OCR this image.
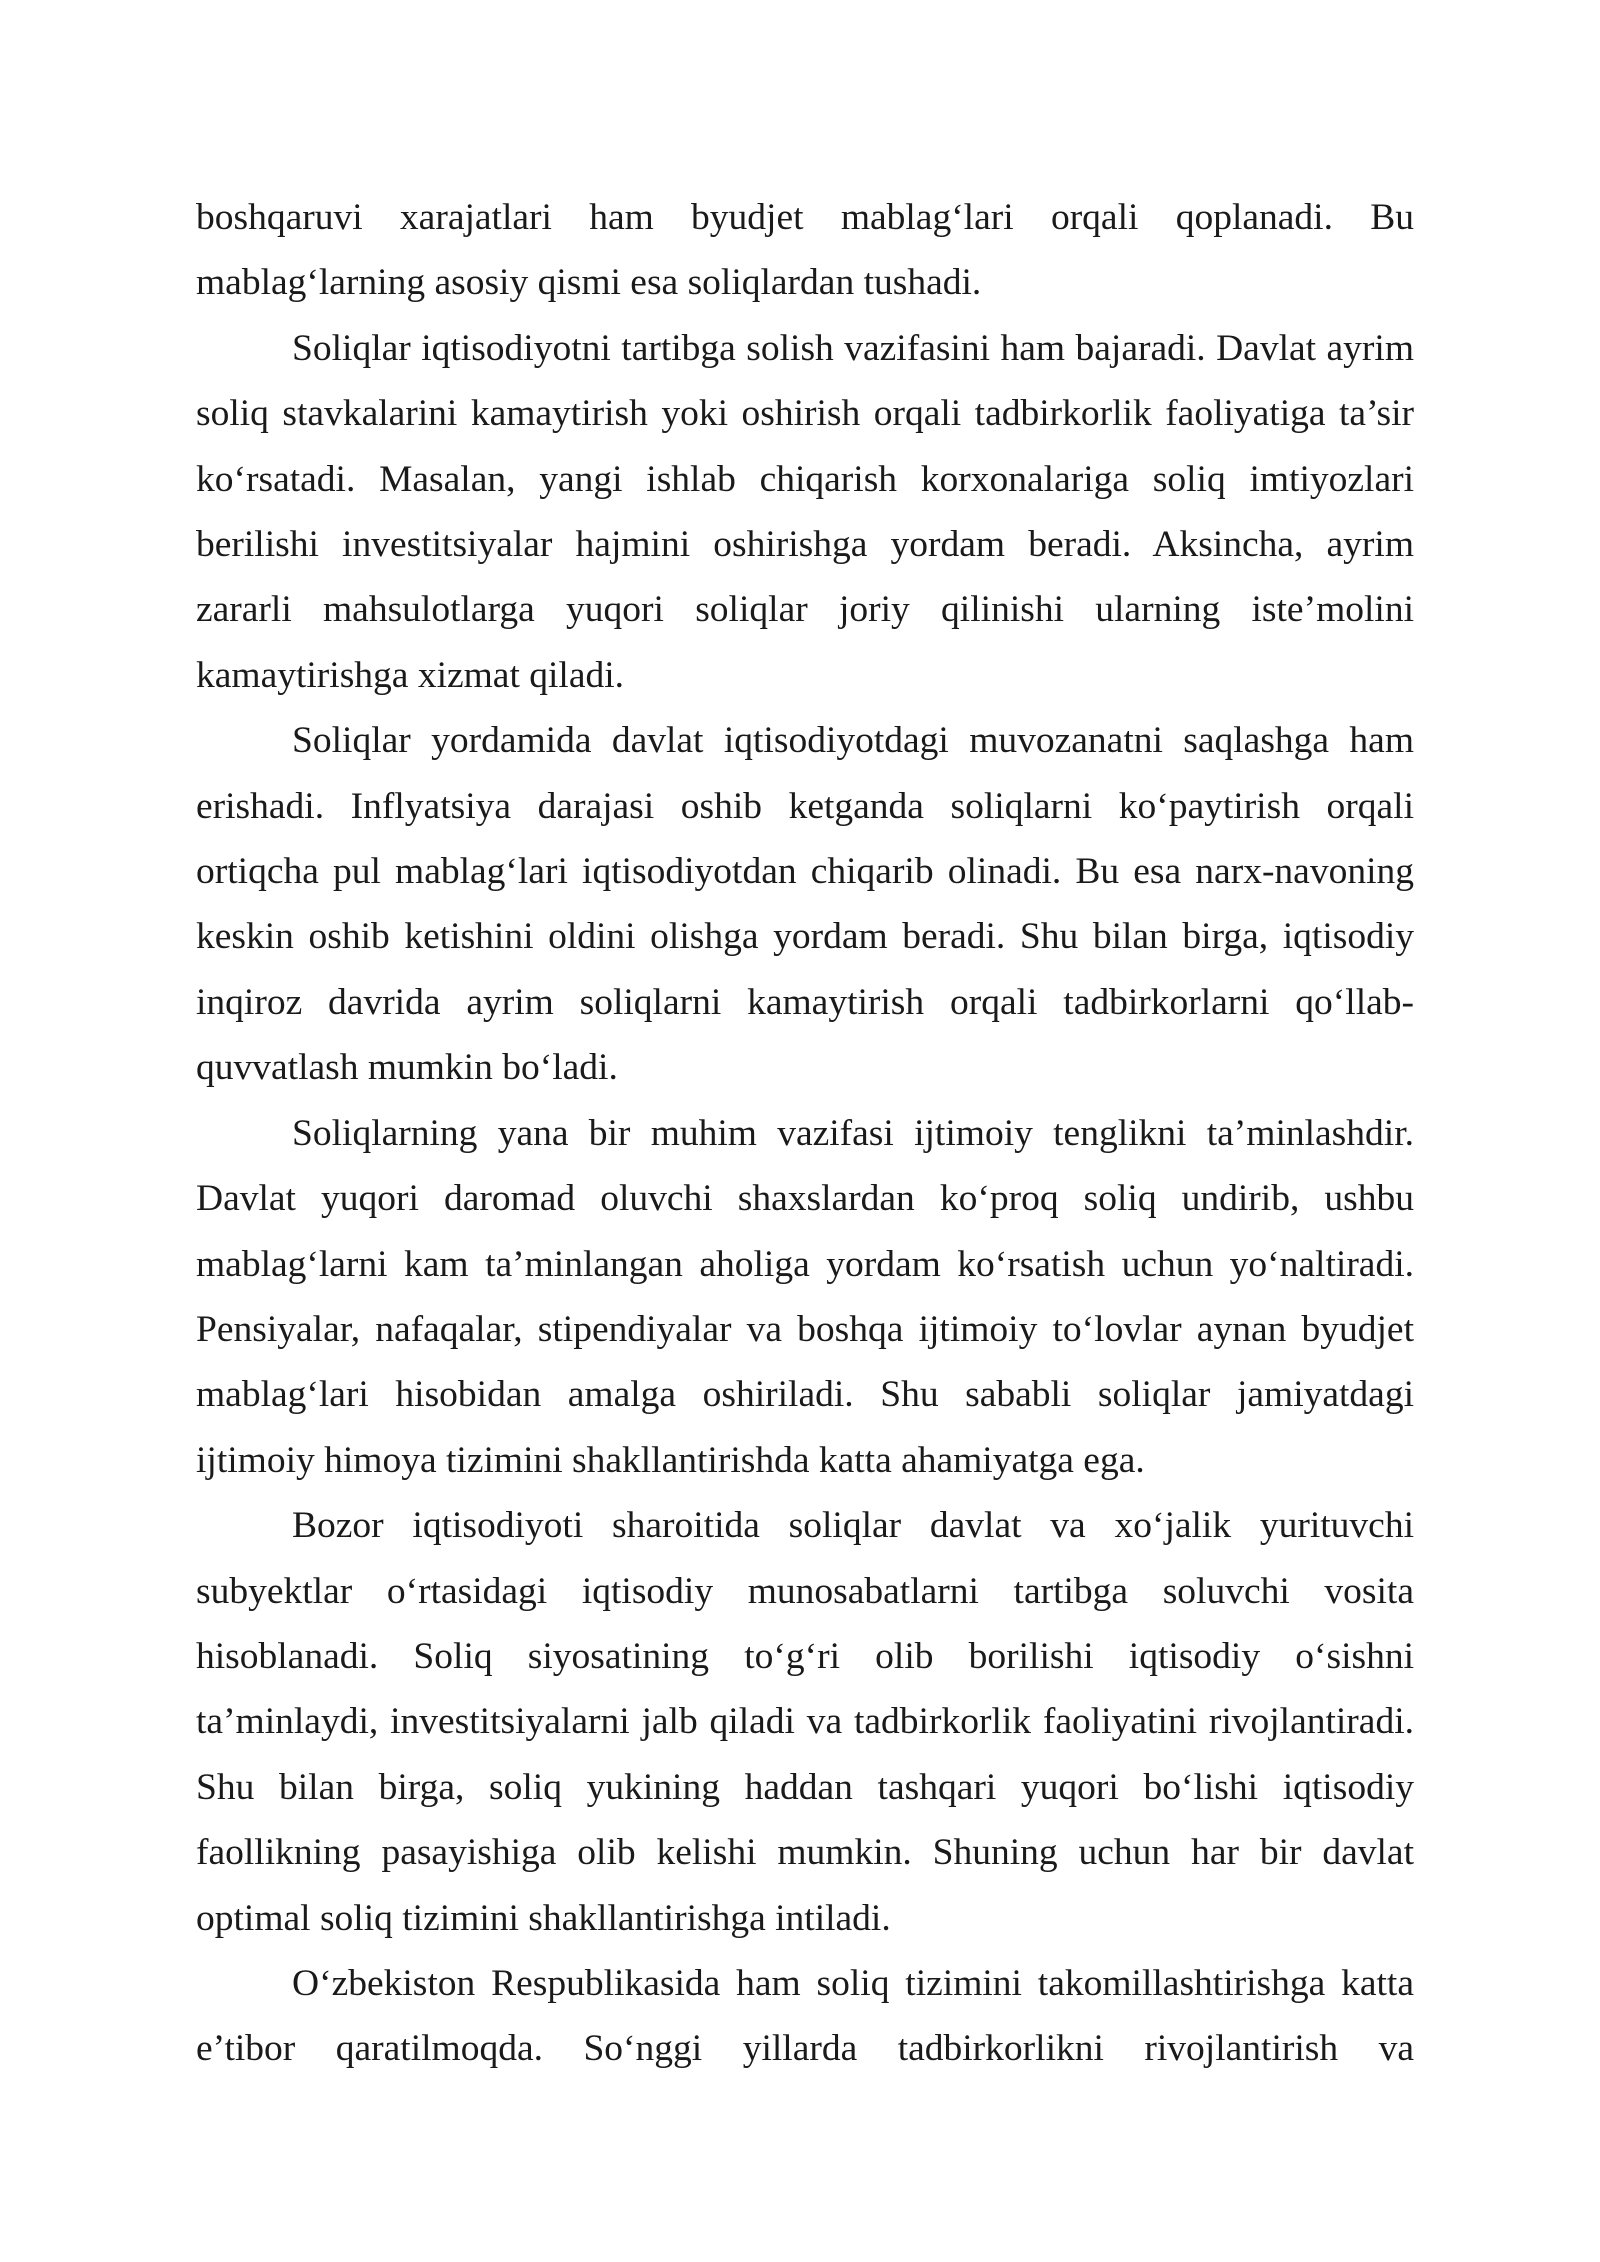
boshqaruvi xarajatlari ham byudjet mablag‘lari orqali qoplanadi. Bu mablag‘larning asosiy qismi esa soliqlardan tushadi.

Soliqlar iqtisodiyotni tartibga solish vazifasini ham bajaradi. Davlat ayrim soliq stavkalarini kamaytirish yoki oshirish orqali tadbirkorlik faoliyatiga ta’sir ko‘rsatadi. Masalan, yangi ishlab chiqarish korxonalariga soliq imtiyozlari berilishi investitsiyalar hajmini oshirishga yordam beradi. Aksincha, ayrim zararli mahsulotlarga yuqori soliqlar joriy qilinishi ularning iste’molini kamaytirishga xizmat qiladi.

Soliqlar yordamida davlat iqtisodiyotdagi muvozanatni saqlashga ham erishadi. Inflyatsiya darajasi oshib ketganda soliqlarni ko‘paytirish orqali ortiqcha pul mablag‘lari iqtisodiyotdan chiqarib olinadi. Bu esa narx-navoning keskin oshib ketishini oldini olishga yordam beradi. Shu bilan birga, iqtisodiy inqiroz davrida ayrim soliqlarni kamaytirish orqali tadbirkorlarni qo‘llab-quvvatlash mumkin bo‘ladi.

Soliqlarning yana bir muhim vazifasi ijtimoiy tenglikni ta’minlashdir. Davlat yuqori daromad oluvchi shaxslardan ko‘proq soliq undirib, ushbu mablag‘larni kam ta’minlangan aholiga yordam ko‘rsatish uchun yo‘naltiradi. Pensiyalar, nafaqalar, stipendiyalar va boshqa ijtimoiy to‘lovlar aynan byudjet mablag‘lari hisobidan amalga oshiriladi. Shu sababli soliqlar jamiyatdagi ijtimoiy himoya tizimini shakllantirishda katta ahamiyatga ega.

Bozor iqtisodiyoti sharoitida soliqlar davlat va xo‘jalik yurituvchi subyektlar o‘rtasidagi iqtisodiy munosabatlarni tartibga soluvchi vosita hisoblanadi. Soliq siyosatining to‘g‘ri olib borilishi iqtisodiy o‘sishni ta’minlaydi, investitsiyalarni jalb qiladi va tadbirkorlik faoliyatini rivojlantiradi. Shu bilan birga, soliq yukining haddan tashqari yuqori bo‘lishi iqtisodiy faollikning pasayishiga olib kelishi mumkin. Shuning uchun har bir davlat optimal soliq tizimini shakllantirishga intiladi.

O‘zbekiston Respublikasida ham soliq tizimini takomillashtirishga katta e’tibor qaratilmoqda. So‘nggi yillarda tadbirkorlikni rivojlantirish va
